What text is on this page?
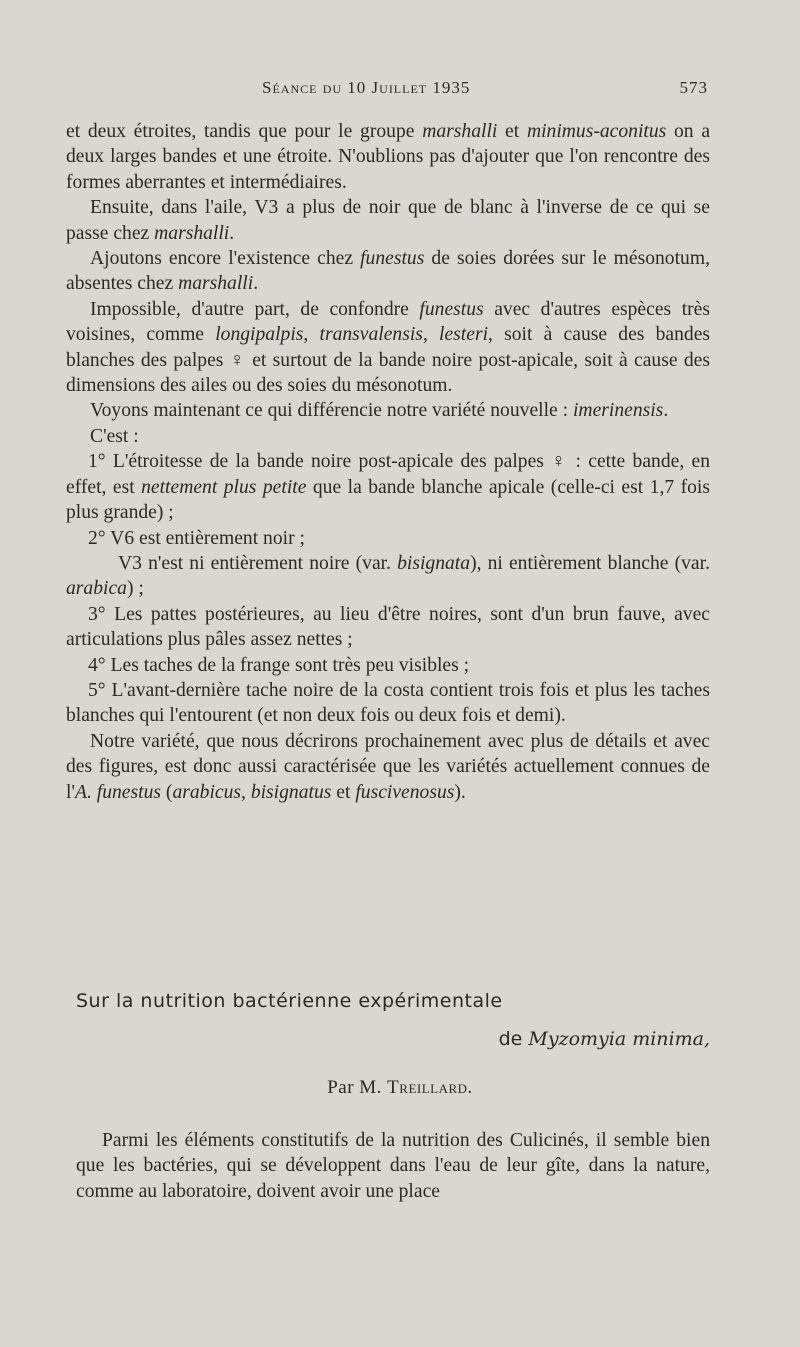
Séance du 10 Juillet 1935	573

et deux étroites, tandis que pour le groupe marshalli et minimus-aconitus on a deux larges bandes et une étroite. N'oublions pas d'ajouter que l'on rencontre des formes aberrantes et intermédiaires.

Ensuite, dans l'aile, V3 a plus de noir que de blanc à l'inverse de ce qui se passe chez marshalli.

Ajoutons encore l'existence chez funestus de soies dorées sur le mésonotum, absentes chez marshalli.

Impossible, d'autre part, de confondre funestus avec d'autres espèces très voisines, comme longipalpis, transvalensis, lesteri, soit à cause des bandes blanches des palpes ♀ et surtout de la bande noire post-apicale, soit à cause des dimensions des ailes ou des soies du mésonotum.

Voyons maintenant ce qui différencie notre variété nouvelle : imerinensis.

C'est :

1° L'étroitesse de la bande noire post-apicale des palpes ♀ : cette bande, en effet, est nettement plus petite que la bande blanche apicale (celle-ci est 1,7 fois plus grande) ;

2° V6 est entièrement noir ;

V3 n'est ni entièrement noire (var. bisignata), ni entièrement blanche (var. arabica) ;

3° Les pattes postérieures, au lieu d'être noires, sont d'un brun fauve, avec articulations plus pâles assez nettes ;

4° Les taches de la frange sont très peu visibles ;

5° L'avant-dernière tache noire de la costa contient trois fois et plus les taches blanches qui l'entourent (et non deux fois ou deux fois et demi).

Notre variété, que nous décrirons prochainement avec plus de détails et avec des figures, est donc aussi caractérisée que les variétés actuellement connues de l'A. funestus (arabicus, bisignatus et fuscivenosus).

Sur la nutrition bactérienne expérimentale
de Myzomyia minima,
Par M. Treillard.

Parmi les éléments constitutifs de la nutrition des Culicinés, il semble bien que les bactéries, qui se développent dans l'eau de leur gîte, dans la nature, comme au laboratoire, doivent avoir une place
